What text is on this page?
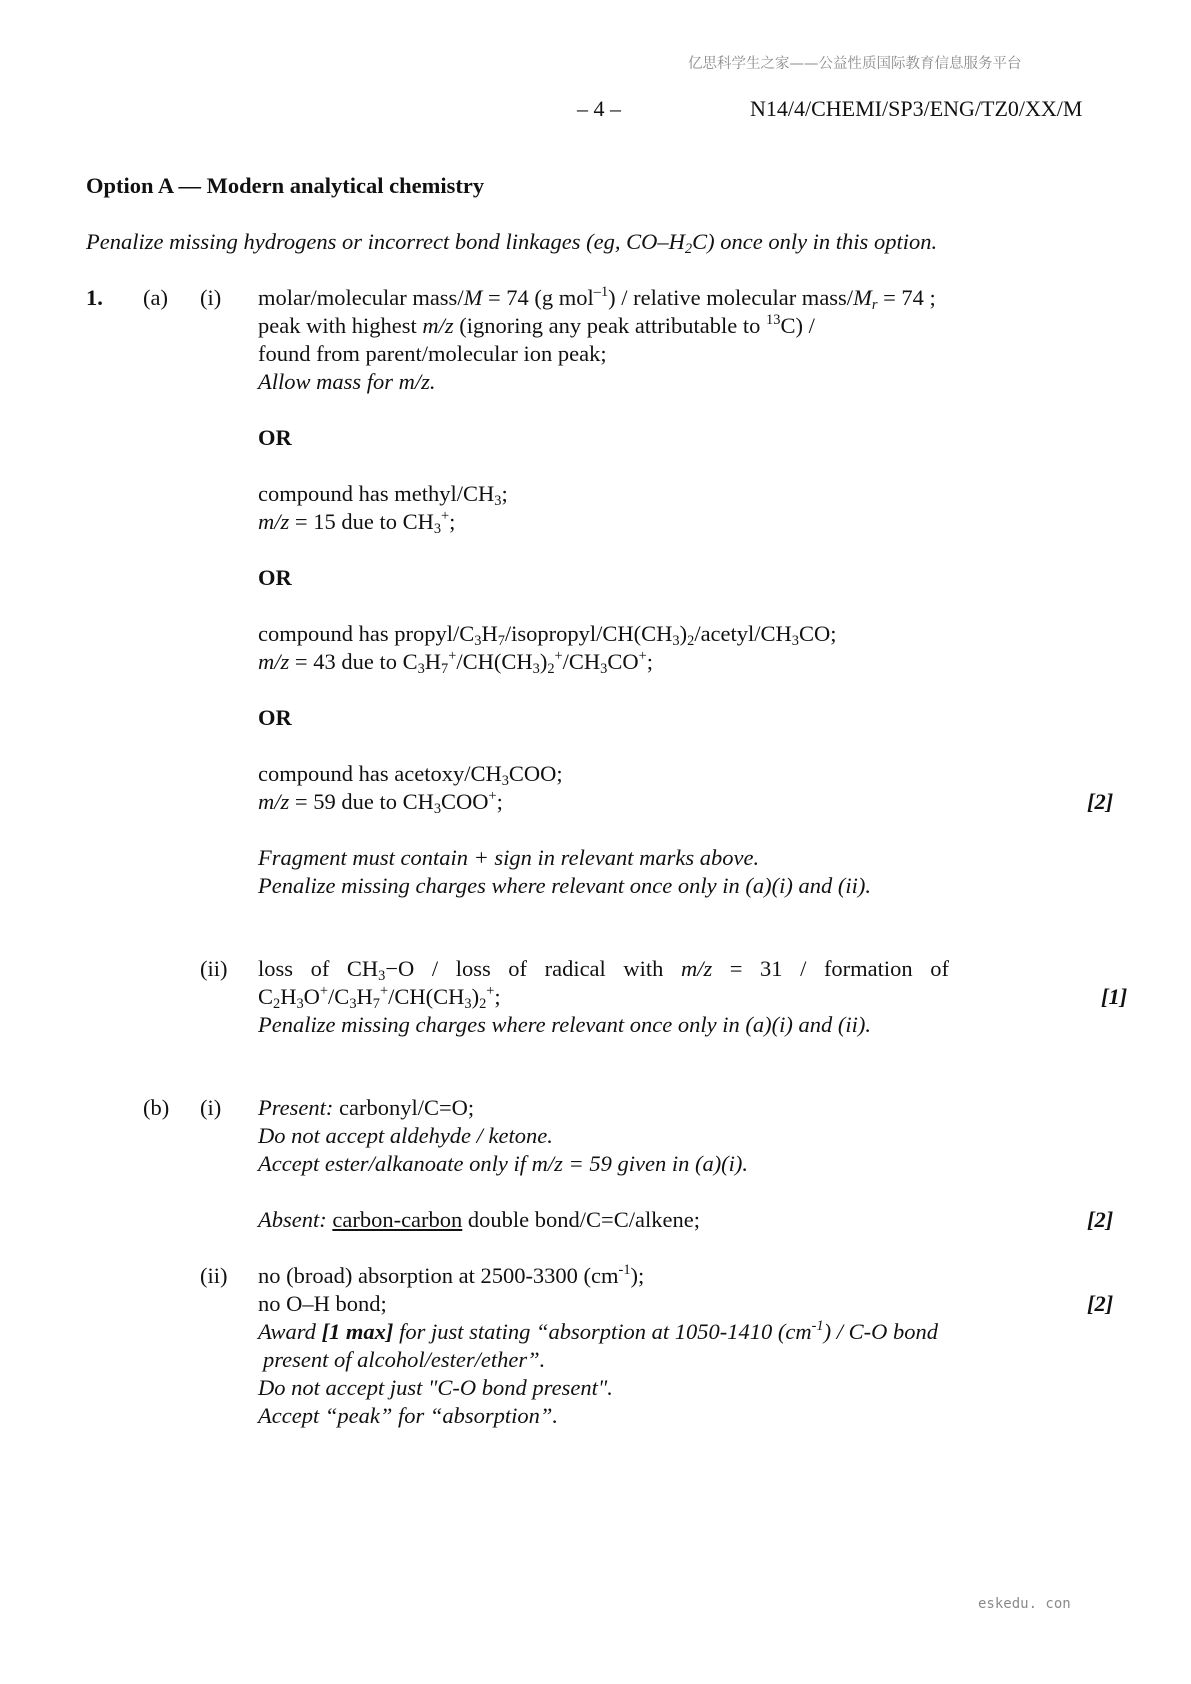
亿思科学生之家——公益性质国际教育信息服务平台
– 4 –	N14/4/CHEMI/SP3/ENG/TZ0/XX/M
Option A — Modern analytical chemistry
Penalize missing hydrogens or incorrect bond linkages (eg, $CO-H_2C$) once only in this option.
1. (a) (i) molar/molecular mass/M = 74 (g mol$^{-1}$) / relative molecular mass/$M_r = 74$ ;
peak with highest m/z (ignoring any peak attributable to $^{13}$C) /
found from parent/molecular ion peak;
Allow mass for m/z.
OR
compound has methyl/$CH_3$;
m/z = 15 due to $CH_3^+$;
OR
compound has propyl/$C_3H_7/isopropyl/CH(CH_3)_2/acetyl/CH_3CO$;
m/z = 43 due to $C_3H_7^+/CH(CH_3)_2^+/CH_3CO^+$;
OR
compound has acetoxy/$CH_3COO$;
m/z = 59 due to $CH_3COO^+$;	[2]
Fragment must contain + sign in relevant marks above.
Penalize missing charges where relevant once only in (a)(i) and (ii).
(ii) loss of $CH_3-O$ / loss of radical with m/z = 31 / formation of
$C_2H_3O^+/C_3H_7^+/CH(CH_3)_2^+$;	[1]
Penalize missing charges where relevant once only in (a)(i) and (ii).
(b) (i) Present: carbonyl/C=O;
Do not accept aldehyde / ketone.
Accept ester/alkanoate only if m/z = 59 given in (a)(i).
Absent: carbon-carbon double bond/C=C/alkene;	[2]
(ii) no (broad) absorption at 2500-3300 $(cm^{-1})$;
no O–H bond;	[2]
Award [1 max] for just stating “absorption at 1050-1410 $(cm^{-1}) / C-O$ bond
present of alcohol/ester/ether”.
Do not accept just "C-O bond present".
Accept “peak” for “absorption”.
eskedu. con
